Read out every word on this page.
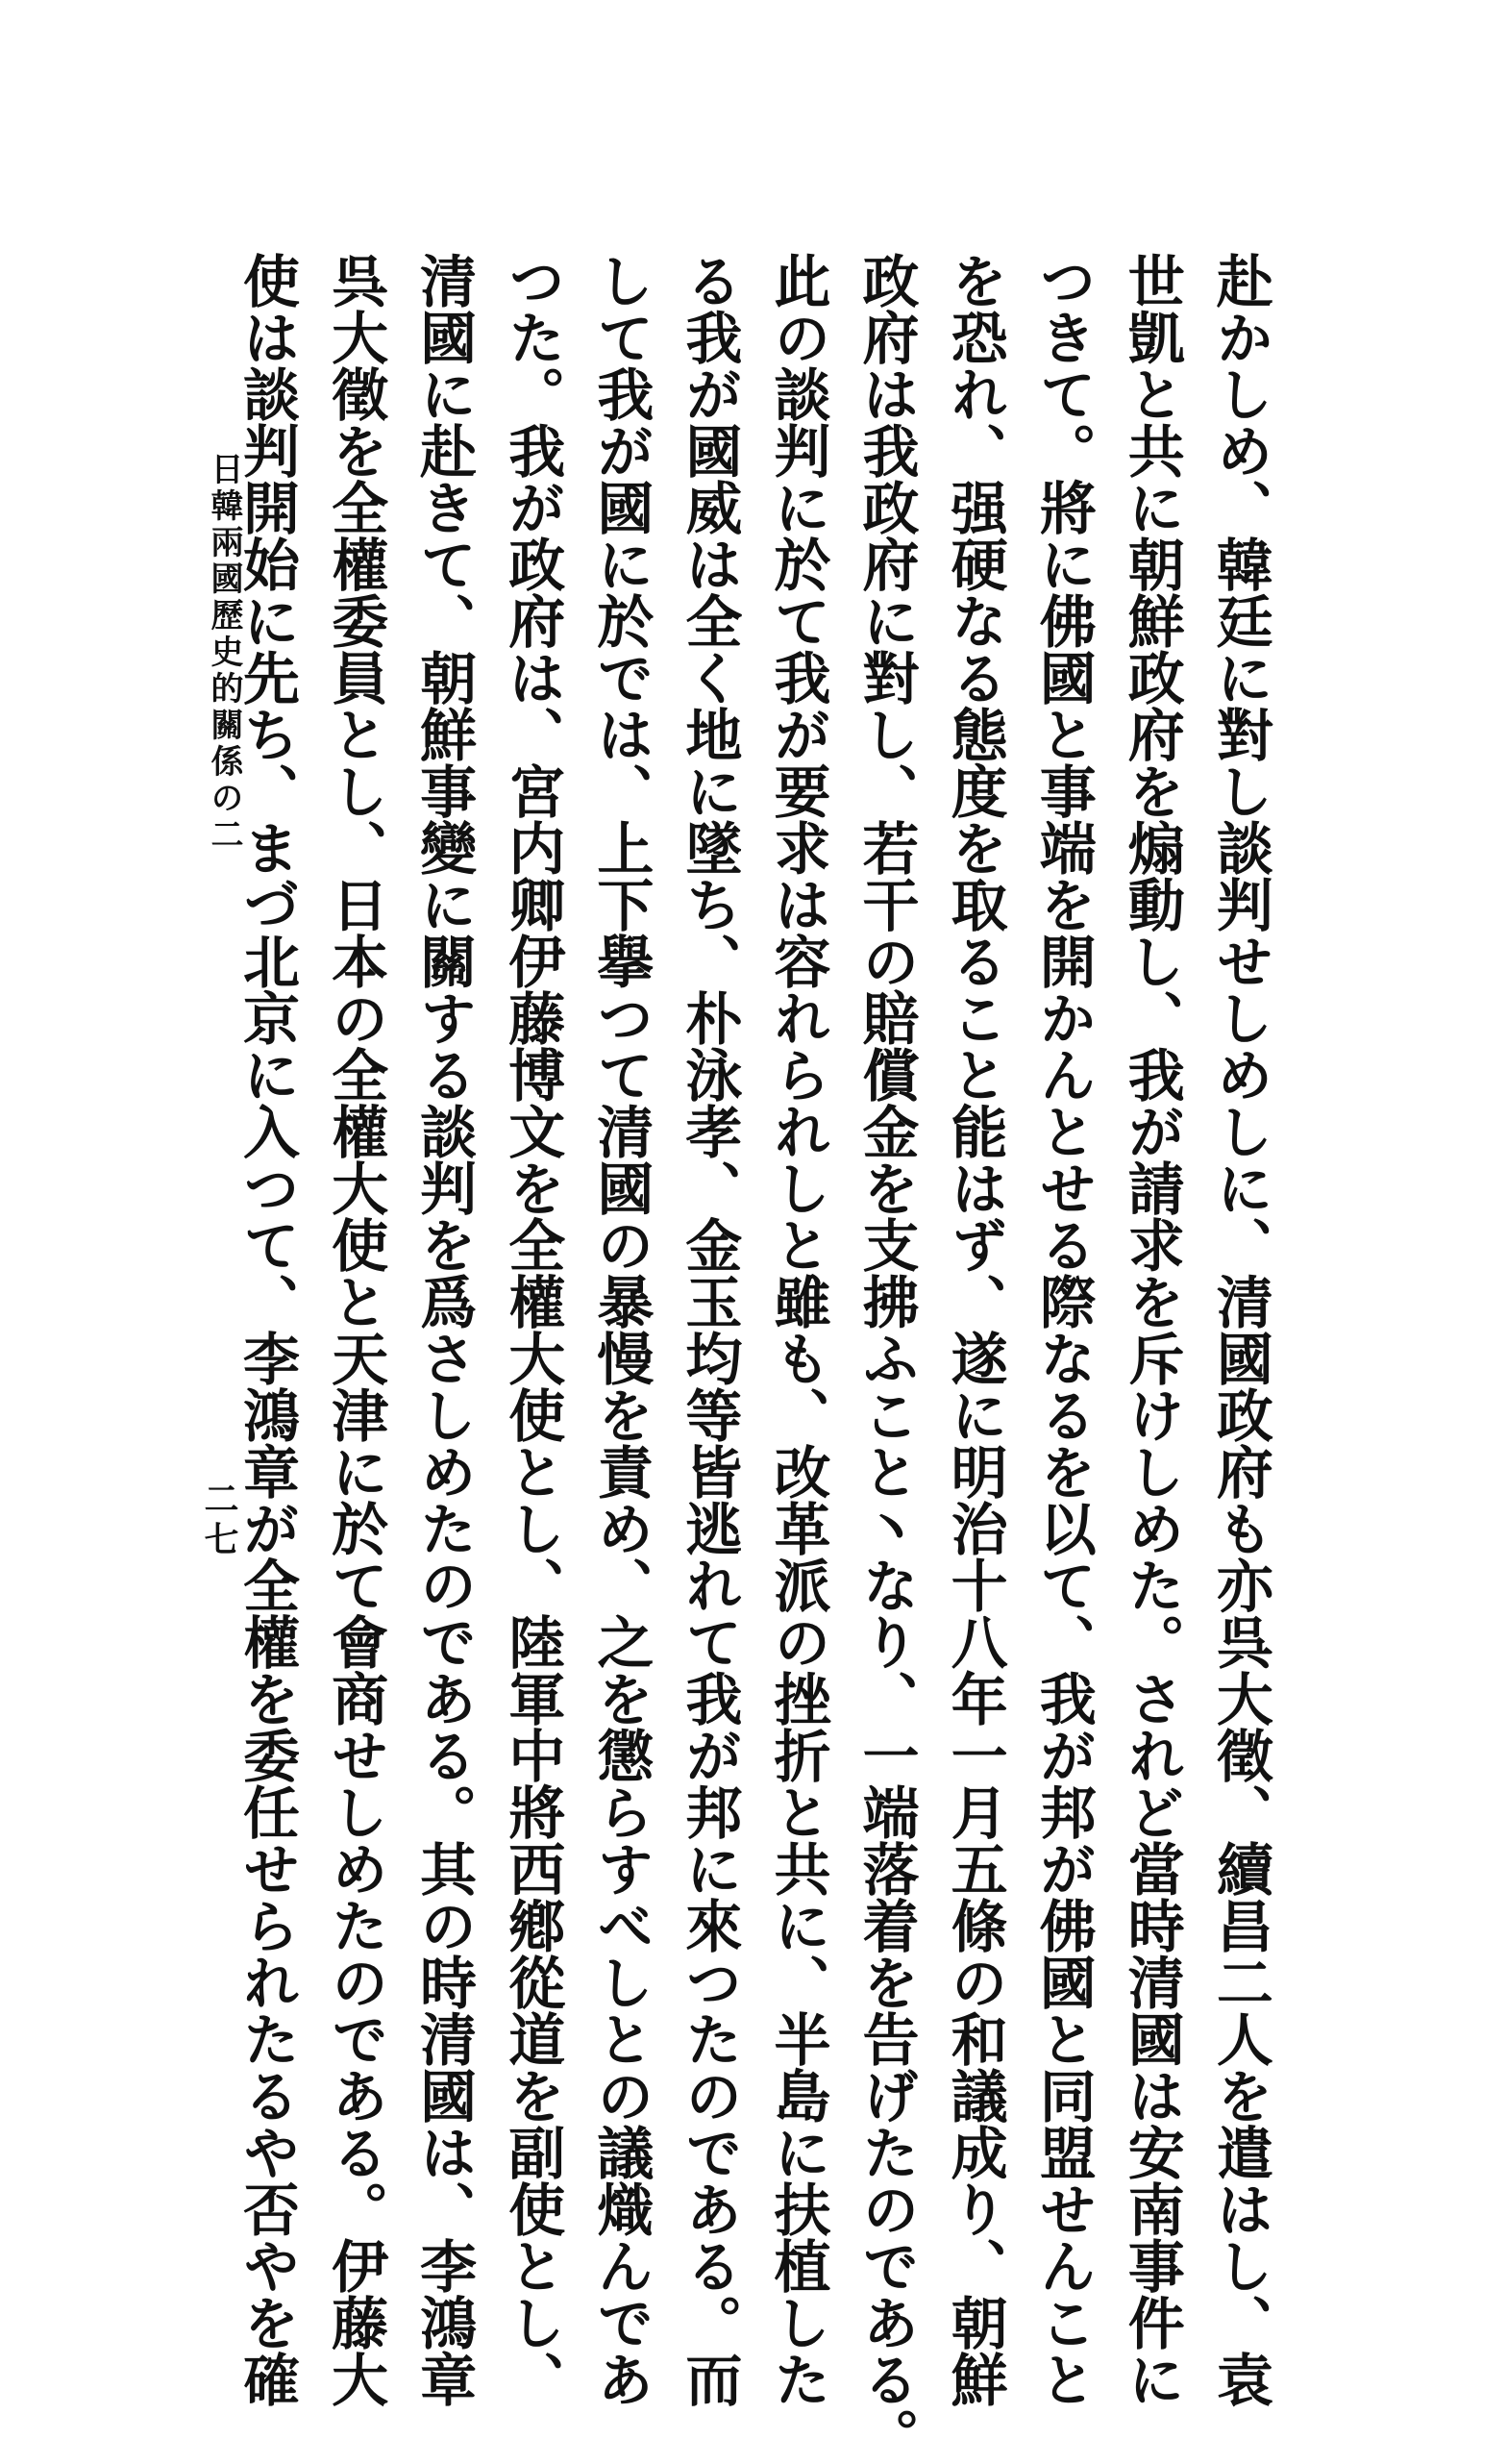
赴かしめ、韓廷に對し談判せしめしに、清國政府も亦呉大徵、續昌二人を遣はし、袁
世凱と共に朝鮮政府を煽動し、我が請求を斥けしめた。されど當時清國は安南事件に
つきて。將に佛國と事端を開かんとせる際なるを以て、我が邦が佛國と同盟せんこと
を恐れ、强硬なる態度を取ること能はず、遂に明治十八年一月五條の和議成り、朝鮮
政府は我政府に對し、若干の賠償金を支拂ふこと丶なり、一端落着を告げたのである。
此の談判に於て我が要求は容れられしと雖も、改革派の挫折と共に、半島に扶植した
る我が國威は全く地に墜ち、朴泳孝、金玉均等皆逃れて我が邦に來つたのである。而
して我が國に於では、上下擧つて清國の暴慢を責め、之を懲らすべしとの議熾んであ
つた。我が政府は、宮内卿伊藤博文を全權大使とし、陸軍中將西鄕從道を副使とし、
清國に赴きて、朝鮮事變に關する談判を爲さしめたのである。其の時清國は、李鴻章
呉大徵を全權委員とし、日本の全權大使と天津に於て會商せしめたのである。伊藤大
使は談判開始に先ち、まづ北京に入つて、李鴻章が全權を委任せられたるや否やを確
日韓兩國歷史的關係の二
二七
